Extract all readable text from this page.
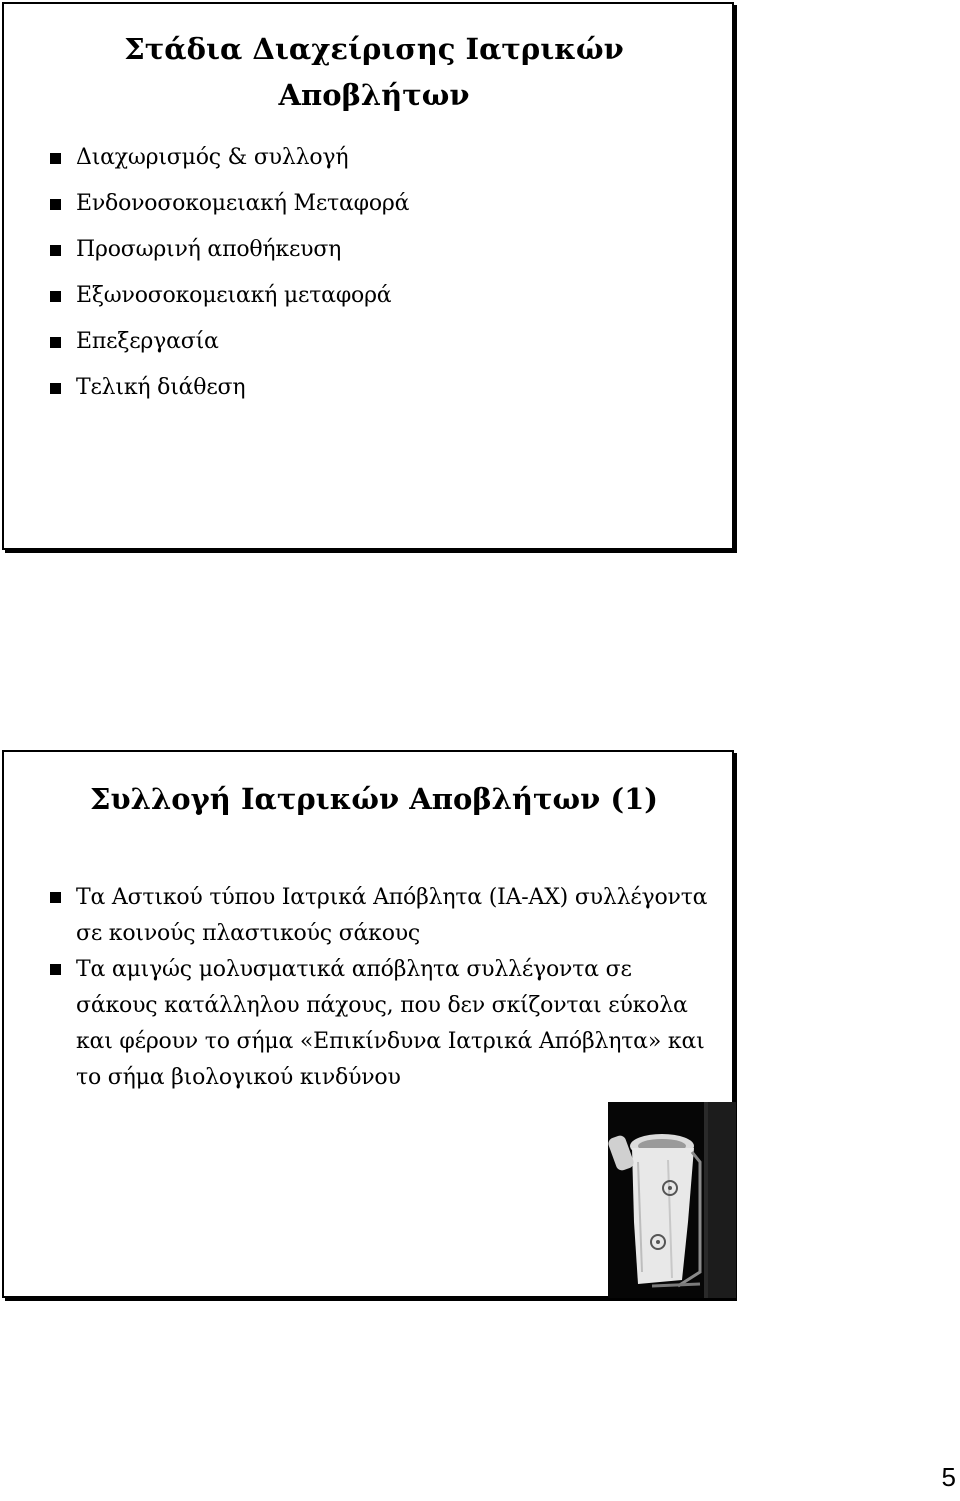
Στάδια Διαχείρισης Ιατρικών Αποβλήτων
Διαχωρισμός & συλλογή
Ενδονοσοκομειακή Μεταφορά
Προσωρινή αποθήκευση
Εξωνοσοκομειακή μεταφορά
Επεξεργασία
Τελική διάθεση
Συλλογή Ιατρικών Αποβλήτων (1)
Τα Αστικού τύπου Ιατρικά Απόβλητα (ΙΑ-ΑΧ) συλλέγοντα σε κοινούς πλαστικούς σάκους
Τα αμιγώς μολυσματικά απόβλητα συλλέγοντα σε σάκους κατάλληλου πάχους, που δεν σκίζονται εύκολα και φέρουν το σήμα «Επικίνδυνα Ιατρικά Απόβλητα» και το σήμα βιολογικού κινδύνου
5
